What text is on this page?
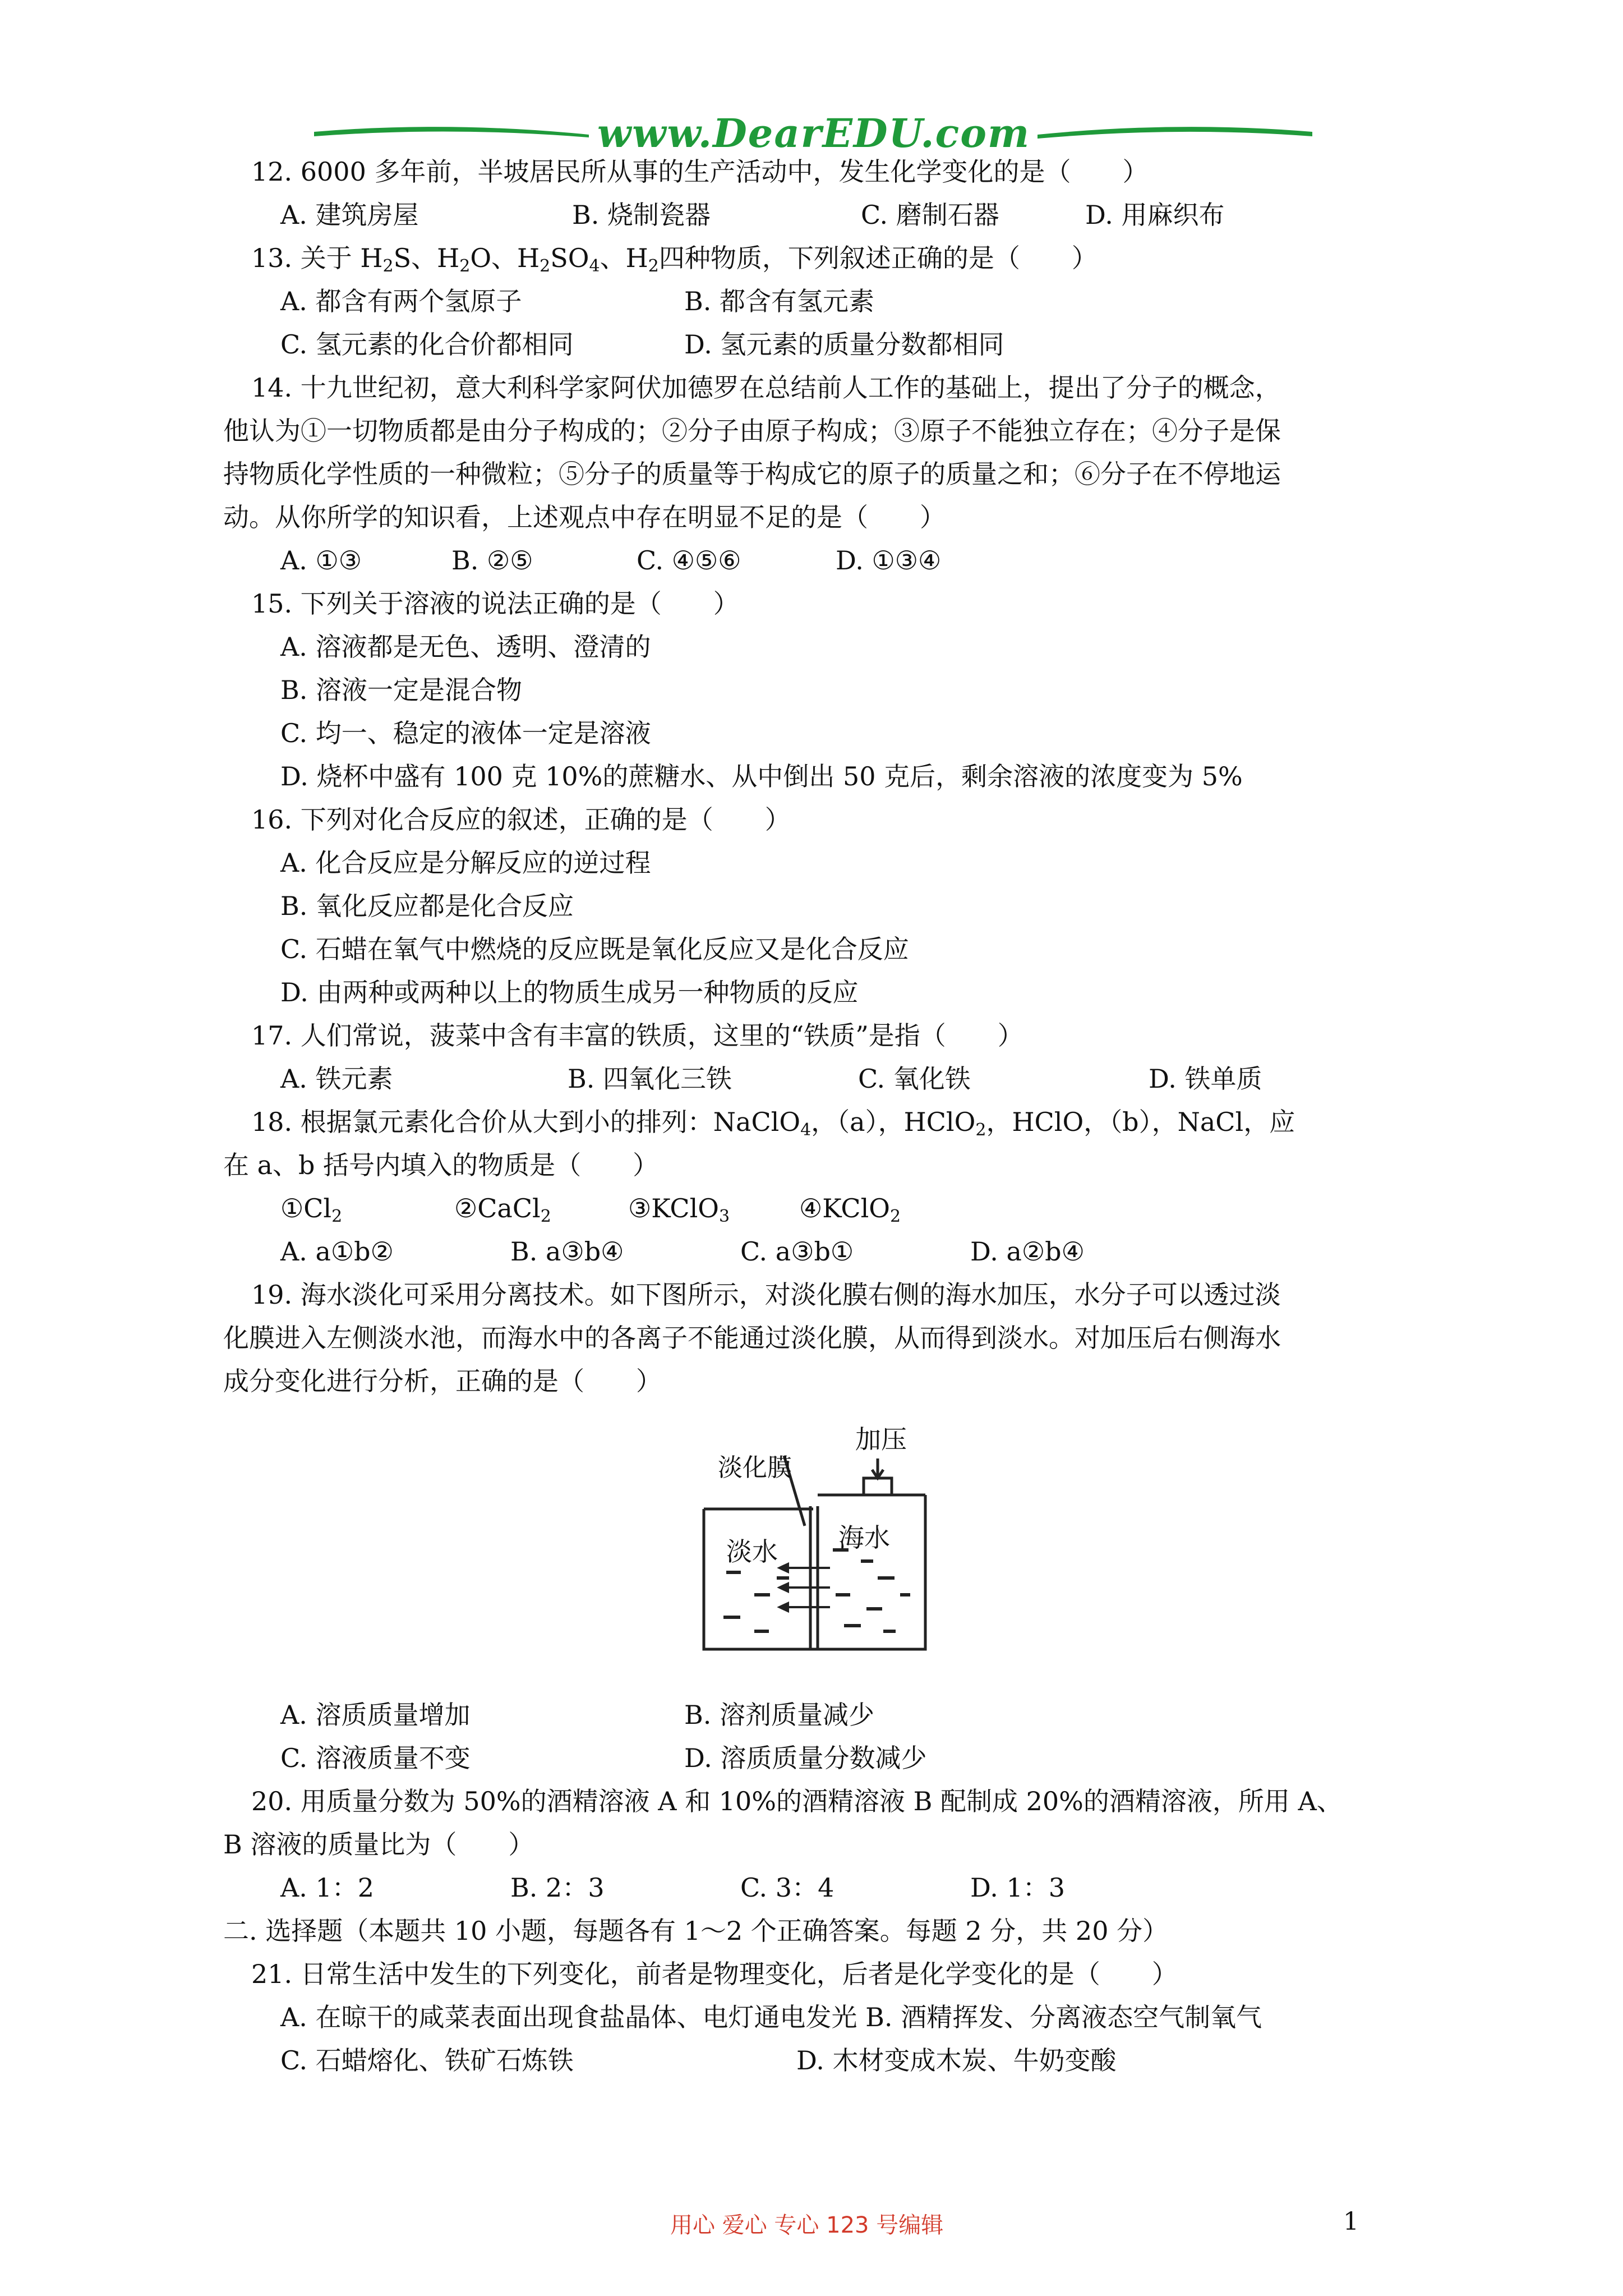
www.DearEDU.com
12. 6000 多年前，半坡居民所从事的生产活动中，发生化学变化的是（　　）
A. 建筑房屋	B. 烧制瓷器	C. 磨制石器	D. 用麻织布
13. 关于 $H_2S$、$H_2O$、$H_2SO_4$、$H_2$四种物质，下列叙述正确的是（　　）
A. 都含有两个氢原子	B. 都含有氢元素
C. 氢元素的化合价都相同	D. 氢元素的质量分数都相同
14. 十九世纪初，意大利科学家阿伏加德罗在总结前人工作的基础上，提出了分子的概念，
他认为①一切物质都是由分子构成的；②分子由原子构成；③原子不能独立存在；④分子是保
持物质化学性质的一种微粒；⑤分子的质量等于构成它的原子的质量之和；⑥分子在不停地运
动。从你所学的知识看，上述观点中存在明显不足的是（　　）
A. ①③	B. ②⑤	C. ④⑤⑥	D. ①③④
15. 下列关于溶液的说法正确的是（　　）
A. 溶液都是无色、透明、澄清的
B. 溶液一定是混合物
C. 均一、稳定的液体一定是溶液
D. 烧杯中盛有 100 克 10%的蔗糖水、从中倒出 50 克后，剩余溶液的浓度变为 5%
16. 下列对化合反应的叙述，正确的是（　　）
A. 化合反应是分解反应的逆过程
B. 氧化反应都是化合反应
C. 石蜡在氧气中燃烧的反应既是氧化反应又是化合反应
D. 由两种或两种以上的物质生成另一种物质的反应
17. 人们常说，菠菜中含有丰富的铁质，这里的“铁质”是指（　　）
A. 铁元素	B. 四氧化三铁	C. 氧化铁	D. 铁单质
18. 根据氯元素化合价从大到小的排列：NaClO$_4$，（a），HClO$_2$，HClO，（b），NaCl，应
在 a、b 括号内填入的物质是（　　）
$①Cl_2$	②CaCl$_2$	③KClO$_3$	④KClO$_2$
A. a①b②	B. a③b④	C. a③b①	D. a②b④
19. 海水淡化可采用分离技术。如下图所示，对淡化膜右侧的海水加压，水分子可以透过淡
化膜进入左侧淡水池，而海水中的各离子不能通过淡化膜，从而得到淡水。对加压后右侧海水
成分变化进行分析，正确的是（　　）
加压
淡化膜
淡水 海水
A. 溶质质量增加	B. 溶剂质量减少
C. 溶液质量不变	D. 溶质质量分数减少
20. 用质量分数为 50%的酒精溶液 A 和 10%的酒精溶液 B 配制成 20%的酒精溶液，所用 A、
B 溶液的质量比为（　　）
A. 1：2	B. 2：3	C. 3：4	D. 1：3
二. 选择题（本题共 10 小题，每题各有 1～2 个正确答案。每题 2 分，共 20 分）
21. 日常生活中发生的下列变化，前者是物理变化，后者是化学变化的是（　　）
A. 在晾干的咸菜表面出现食盐晶体、电灯通电发光 B. 酒精挥发、分离液态空气制氧气
C. 石蜡熔化、铁矿石炼铁	D. 木材变成木炭、牛奶变酸
用心 爱心 专心 123 号编辑	1
